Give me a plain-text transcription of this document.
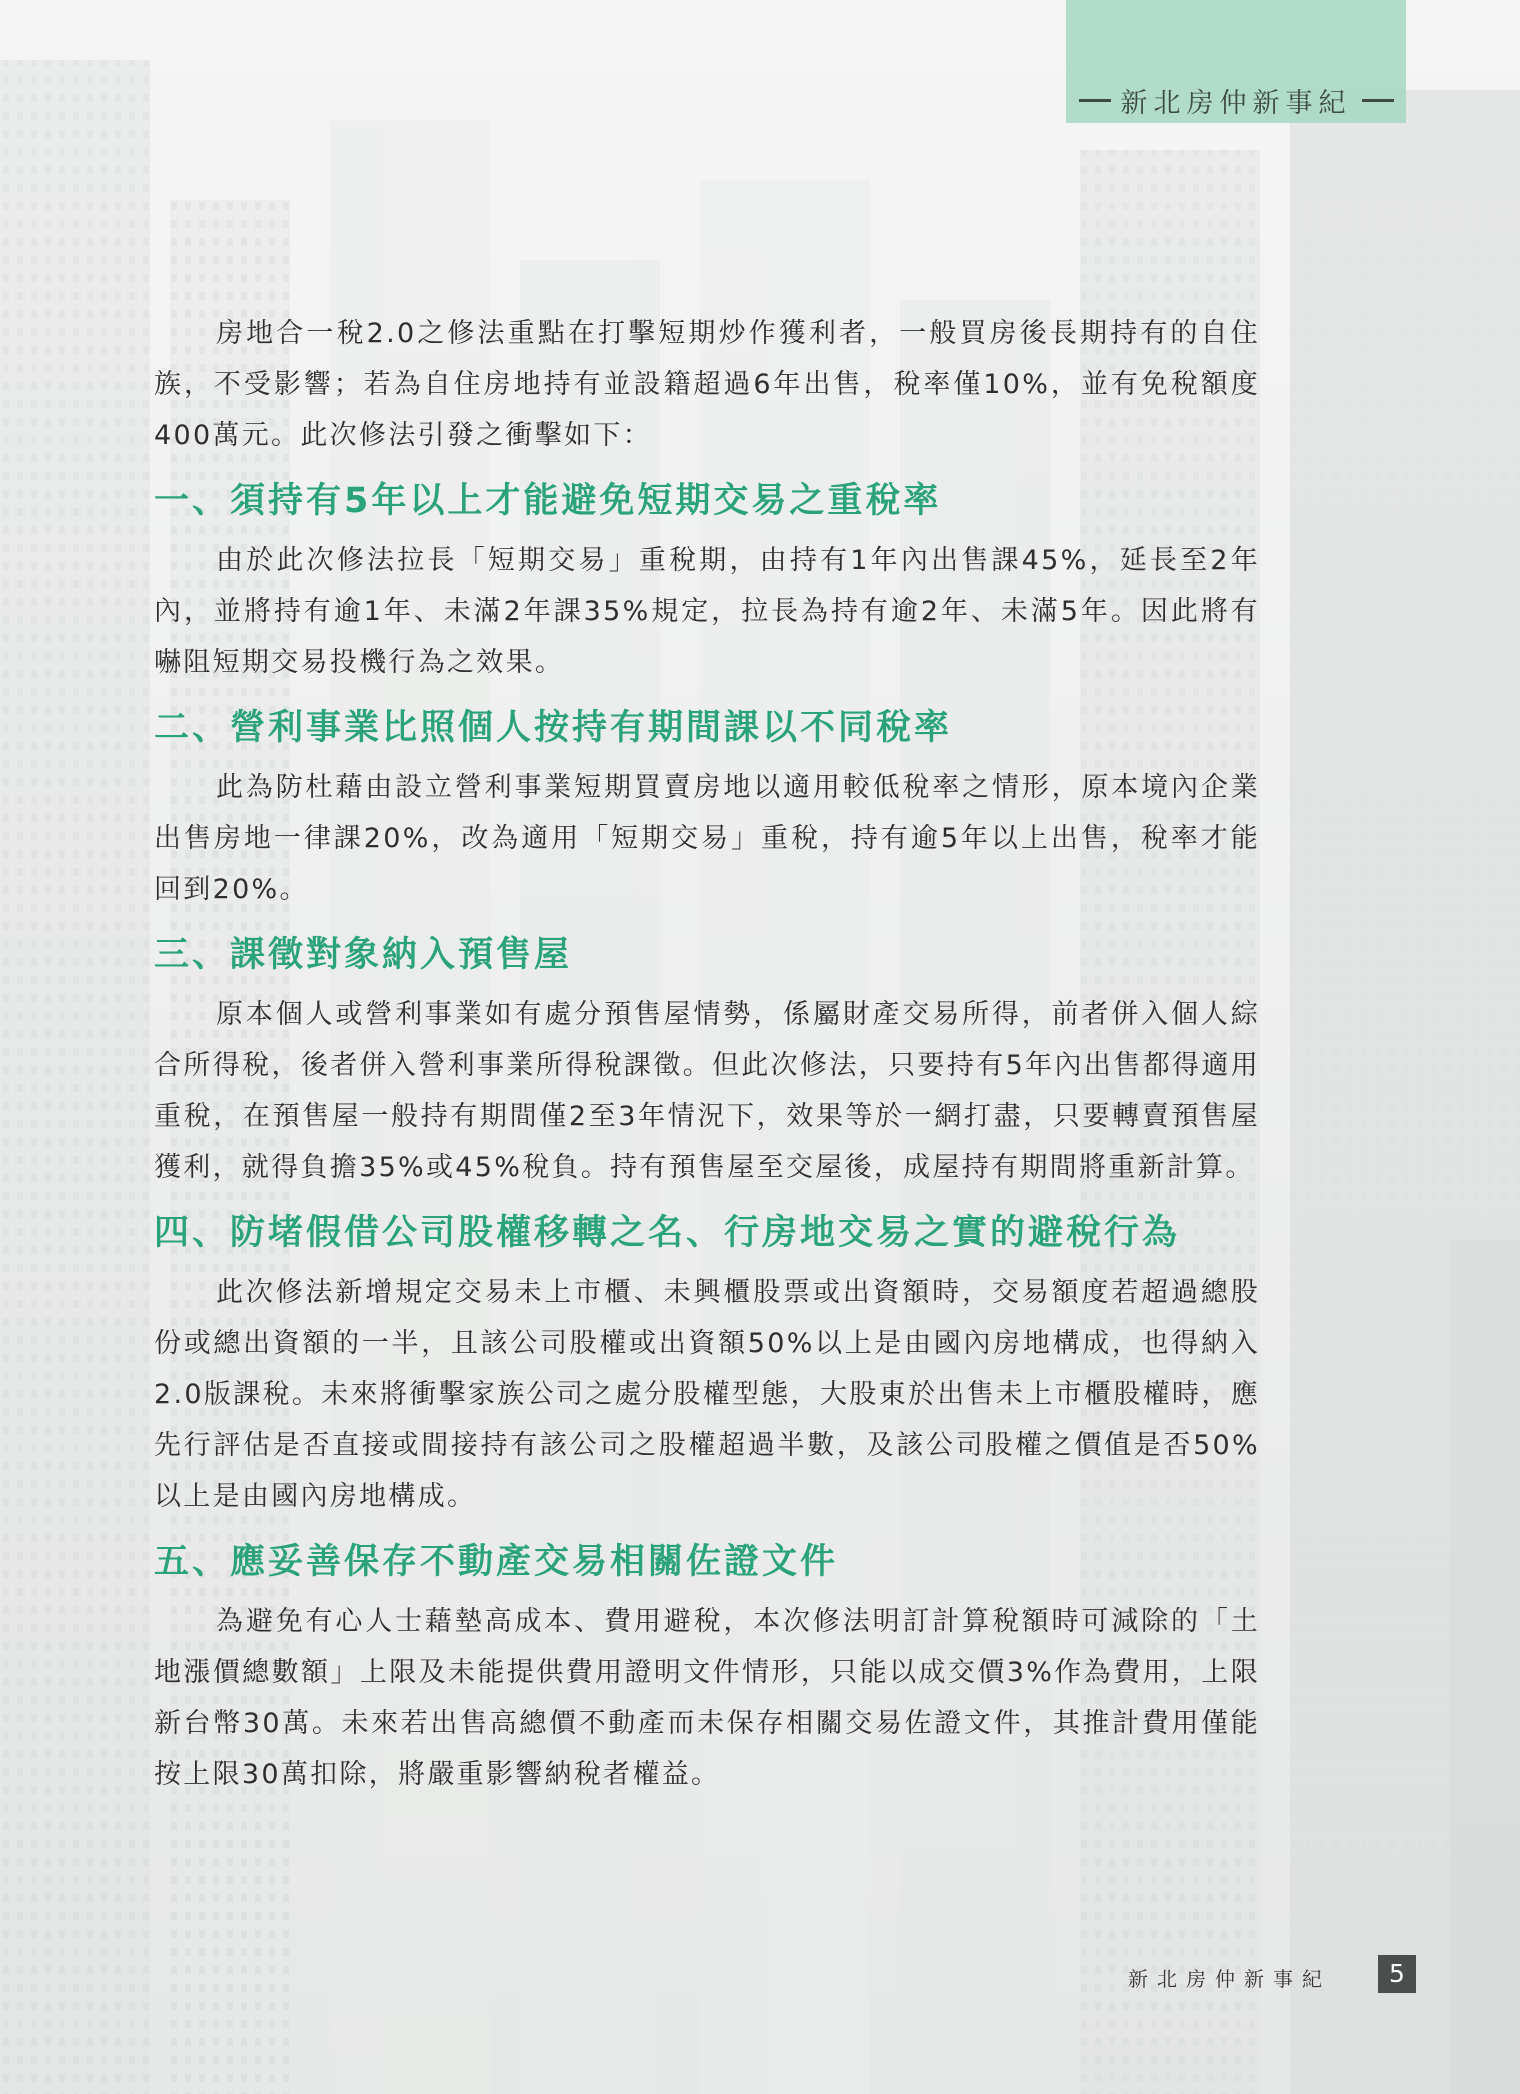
新北房仲新事紀

房地合一稅2.0之修法重點在打擊短期炒作獲利者，一般買房後長期持有的自住族，不受影響；若為自住房地持有並設籍超過6年出售，稅率僅10%，並有免稅額度400萬元。此次修法引發之衝擊如下：

一、須持有5年以上才能避免短期交易之重稅率

由於此次修法拉長「短期交易」重稅期，由持有1年內出售課45%，延長至2年內，並將持有逾1年、未滿2年課35%規定，拉長為持有逾2年、未滿5年。因此將有嚇阻短期交易投機行為之效果。

二、營利事業比照個人按持有期間課以不同稅率

此為防杜藉由設立營利事業短期買賣房地以適用較低稅率之情形，原本境內企業出售房地一律課20%，改為適用「短期交易」重稅，持有逾5年以上出售，稅率才能回到20%。

三、課徵對象納入預售屋

原本個人或營利事業如有處分預售屋情勢，係屬財產交易所得，前者併入個人綜合所得稅，後者併入營利事業所得稅課徵。但此次修法，只要持有5年內出售都得適用重稅，在預售屋一般持有期間僅2至3年情況下，效果等於一網打盡，只要轉賣預售屋獲利，就得負擔35%或45%稅負。持有預售屋至交屋後，成屋持有期間將重新計算。

四、防堵假借公司股權移轉之名、行房地交易之實的避稅行為

此次修法新增規定交易未上市櫃、未興櫃股票或出資額時，交易額度若超過總股份或總出資額的一半，且該公司股權或出資額50%以上是由國內房地構成，也得納入2.0版課稅。未來將衝擊家族公司之處分股權型態，大股東於出售未上市櫃股權時，應先行評估是否直接或間接持有該公司之股權超過半數，及該公司股權之價值是否50%以上是由國內房地構成。

五、應妥善保存不動產交易相關佐證文件

為避免有心人士藉墊高成本、費用避稅，本次修法明訂計算稅額時可減除的「土地漲價總數額」上限及未能提供費用證明文件情形，只能以成交價3%作為費用，上限新台幣30萬。未來若出售高總價不動產而未保存相關交易佐證文件，其推計費用僅能按上限30萬扣除，將嚴重影響納稅者權益。

新北房仲新事紀	5
